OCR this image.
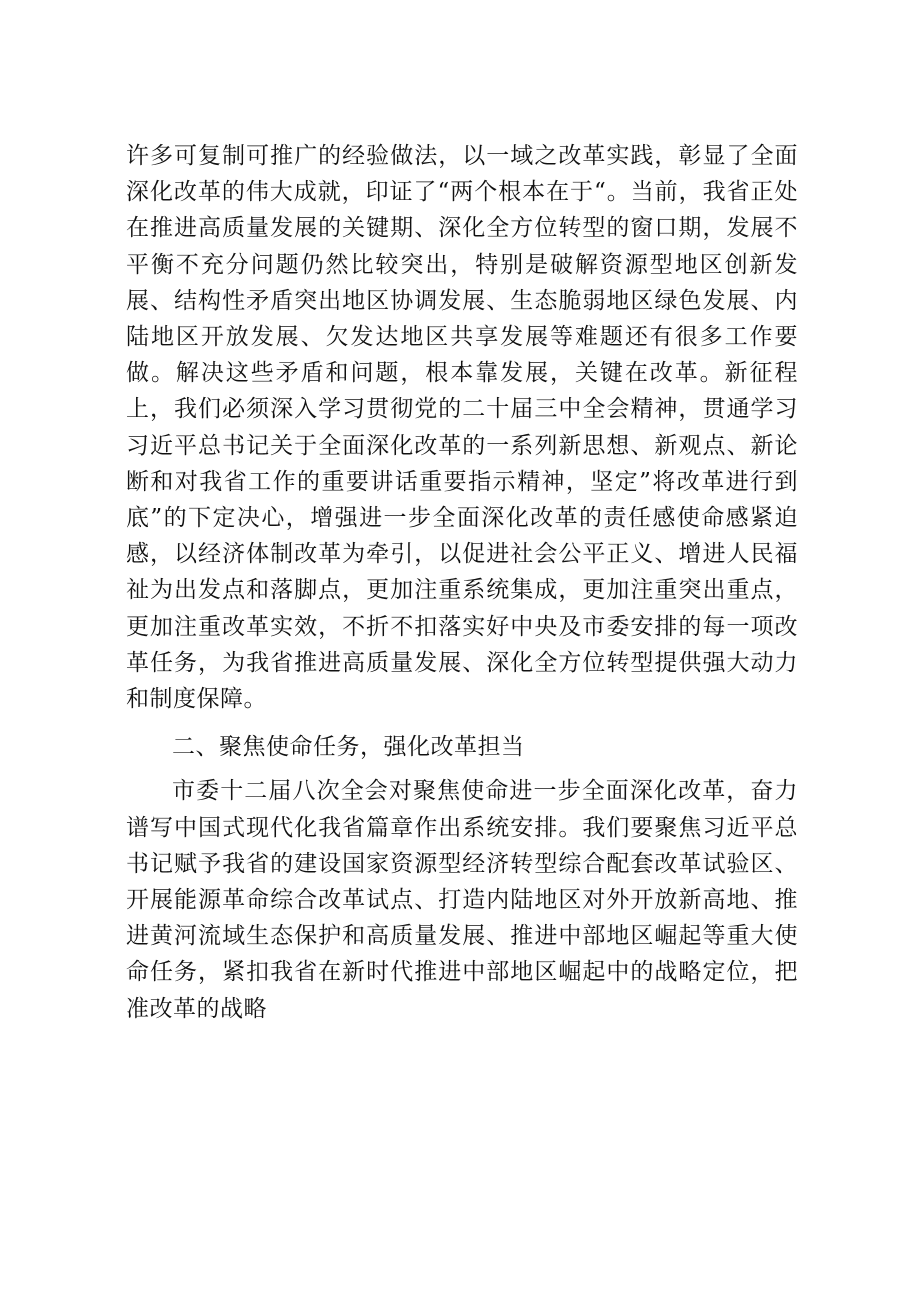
许多可复制可推广的经验做法，以一域之改革实践，彰显了全面深化改革的伟大成就，印证了“两个根本在于“。当前，我省正处在推进高质量发展的关键期、深化全方位转型的窗口期，发展不平衡不充分问题仍然比较突出，特别是破解资源型地区创新发展、结构性矛盾突出地区协调发展、生态脆弱地区绿色发展、内陆地区开放发展、欠发达地区共享发展等难题还有很多工作要做。解决这些矛盾和问题，根本靠发展，关键在改革。新征程上，我们必须深入学习贯彻党的二十届三中全会精神，贯通学习习近平总书记关于全面深化改革的一系列新思想、新观点、新论断和对我省工作的重要讲话重要指示精神，坚定”将改革进行到底”的下定决心，增强进一步全面深化改革的责任感使命感紧迫感，以经济体制改革为牵引，以促进社会公平正义、增进人民福祉为出发点和落脚点，更加注重系统集成，更加注重突出重点，更加注重改革实效，不折不扣落实好中央及市委安排的每一项改革任务，为我省推进高质量发展、深化全方位转型提供强大动力和制度保障。

二、聚焦使命任务，强化改革担当

市委十二届八次全会对聚焦使命进一步全面深化改革，奋力谱写中国式现代化我省篇章作出系统安排。我们要聚焦习近平总书记赋予我省的建设国家资源型经济转型综合配套改革试验区、开展能源革命综合改革试点、打造内陆地区对外开放新高地、推进黄河流域生态保护和高质量发展、推进中部地区崛起等重大使命任务，紧扣我省在新时代推进中部地区崛起中的战略定位，把准改革的战略
